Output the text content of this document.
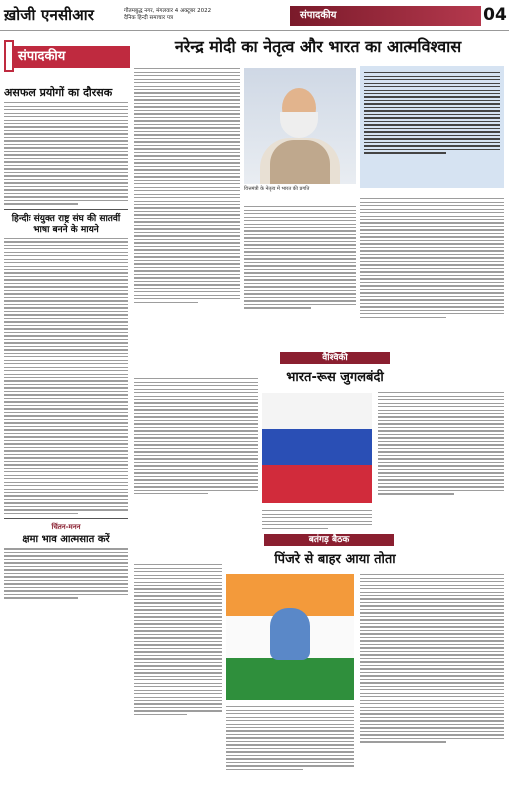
ख़ोजी एनसीआर	गौतमबुद्ध नगर, मंगलवार 4 अक्टूबर 2022
दैनिक हिन्दी समाचार पत्र	संपादकीय	04
संपादकीय
असफल प्रयोगों का दौरसक
हिन्दीः संयुक्त राष्ट्र संघ की सातवीं भाषा बनने के मायने
चिंतन-मनन
क्षमा भाव आत्मसात करें
नरेन्द्र मोदी का नेतृत्व और भारत का आत्मविश्वास
वित्तमंत्री के नेतृत्व में भारत की प्रगति
वैश्विकी
भारत-रूस जुगलबंदी
बतंगड़ बैठक
पिंजरे से बाहर आया तोता
